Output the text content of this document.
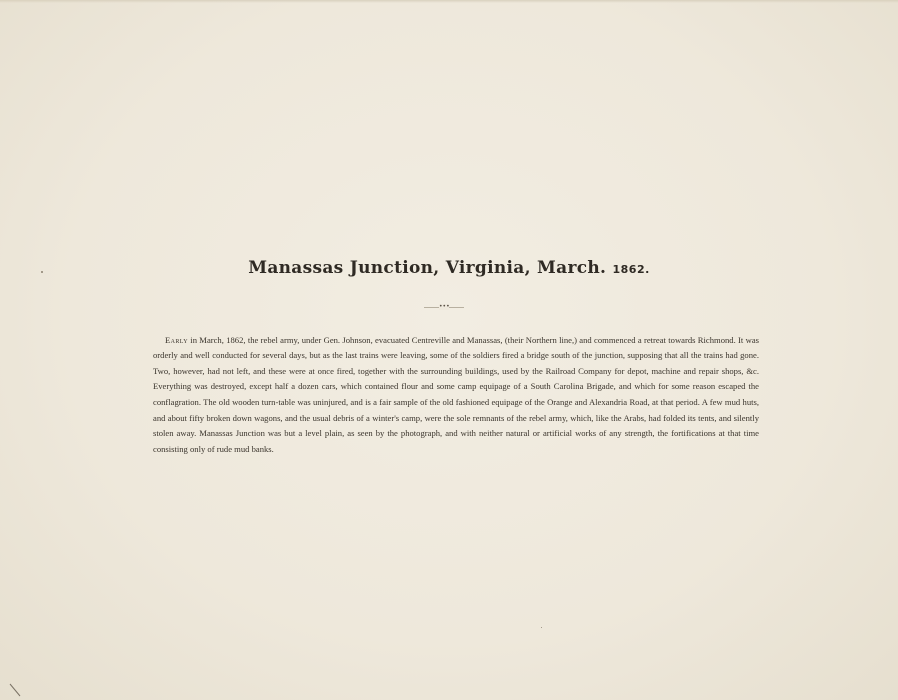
Manassas Junction, Virginia, March. 1862.
•••

Early in March, 1862, the rebel army, under Gen. Johnson, evacuated Centreville and Manassas, (their Northern line,) and commenced a retreat towards Richmond. It was orderly and well conducted for several days, but as the last trains were leaving, some of the soldiers fired a bridge south of the junction, supposing that all the trains had gone. Two, however, had not left, and these were at once fired, together with the surrounding buildings, used by the Railroad Company for depot, machine and repair shops, &c. Everything was destroyed, except half a dozen cars, which contained flour and some camp equipage of a South Carolina Brigade, and which for some reason escaped the conflagration. The old wooden turn-table was uninjured, and is a fair sample of the old fashioned equipage of the Orange and Alexandria Road, at that period. A few mud huts, and about fifty broken down wagons, and the usual debris of a winter's camp, were the sole remnants of the rebel army, which, like the Arabs, had folded its tents, and silently stolen away. Manassas Junction was but a level plain, as seen by the photograph, and with neither natural or artificial works of any strength, the fortifications at that time consisting only of rude mud banks.
